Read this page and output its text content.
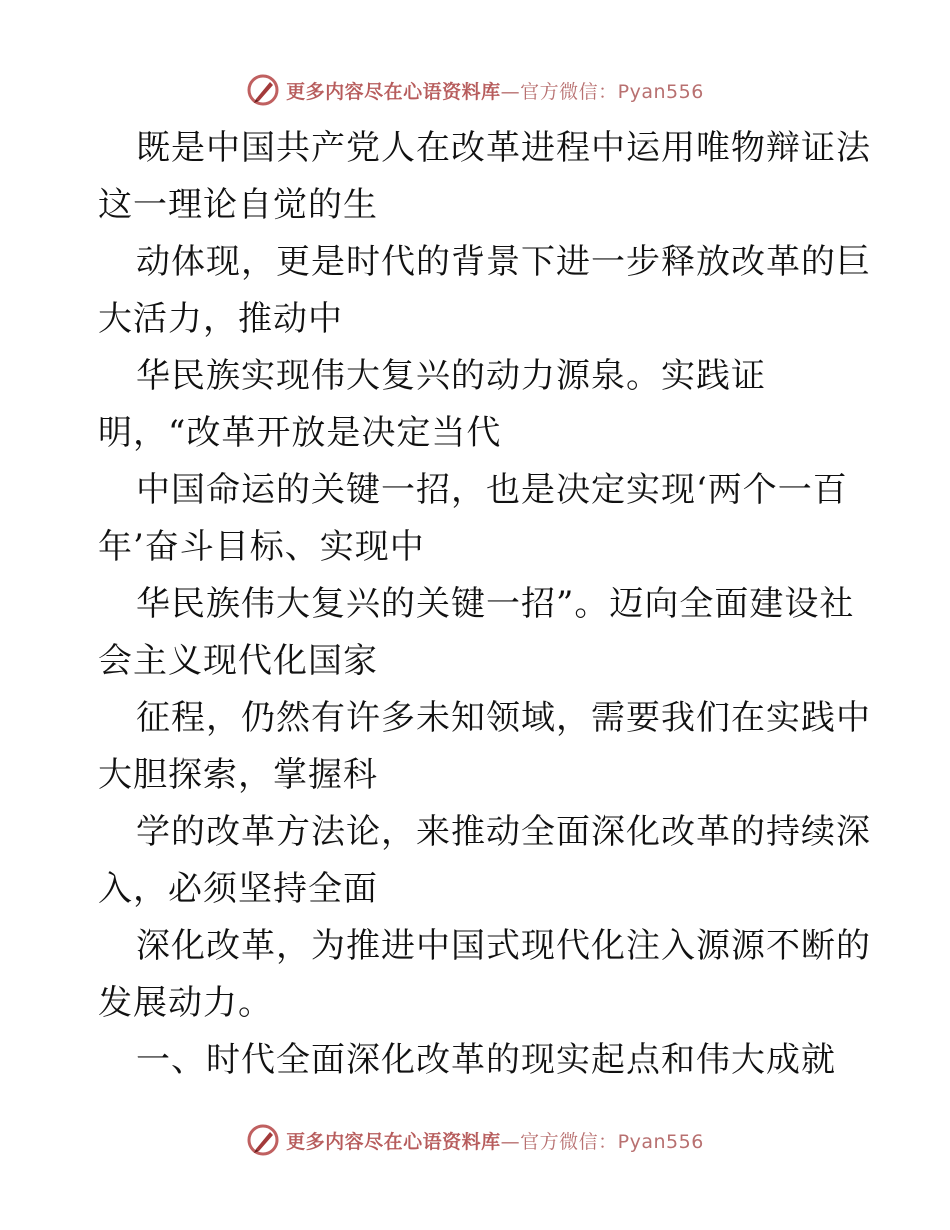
更多内容尽在心语资料库—官方微信：Pyan556
既是中国共产党人在改革进程中运用唯物辩证法
这一理论自觉的生
动体现，更是时代的背景下进一步释放改革的巨
大活力，推动中
华民族实现伟大复兴的动力源泉。实践证
明，“改革开放是决定当代
中国命运的关键一招，也是决定实现‘两个一百
年’奋斗目标、实现中
华民族伟大复兴的关键一招”。迈向全面建设社
会主义现代化国家
征程，仍然有许多未知领域，需要我们在实践中
大胆探索，掌握科
学的改革方法论，来推动全面深化改革的持续深
入，必须坚持全面
深化改革，为推进中国式现代化注入源源不断的
发展动力。
一、时代全面深化改革的现实起点和伟大成就
更多内容尽在心语资料库—官方微信：Pyan556
